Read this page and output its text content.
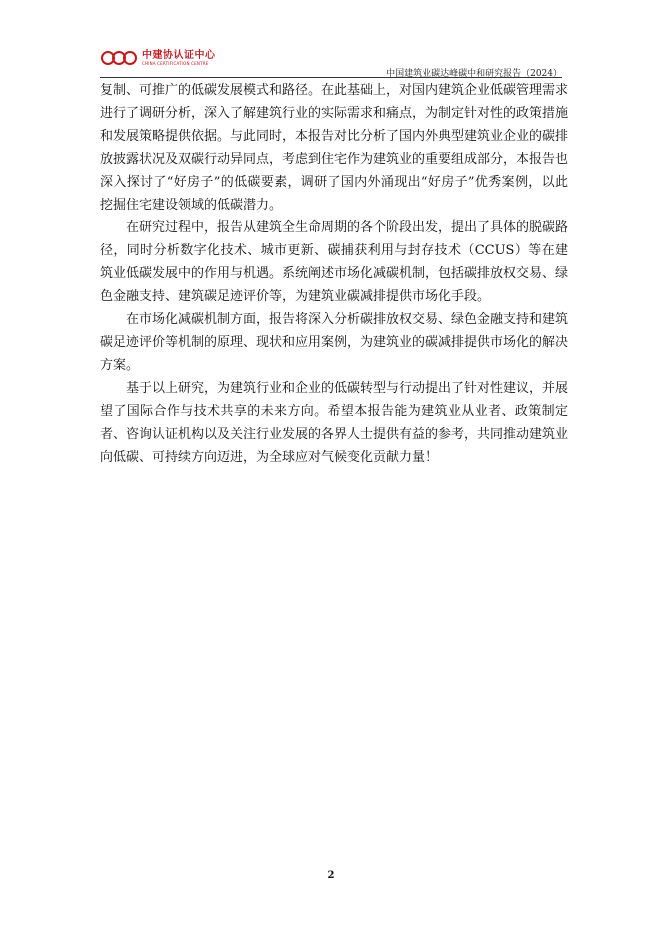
中建协认证中心
CHINA CERTIFICATION CENTRE
中国建筑业碳达峰碳中和研究报告（2024）

复制、可推广的低碳发展模式和路径。在此基础上，对国内建筑企业低碳管理需求进行了调研分析，深入了解建筑行业的实际需求和痛点，为制定针对性的政策措施和发展策略提供依据。与此同时，本报告对比分析了国内外典型建筑业企业的碳排放披露状况及双碳行动异同点，考虑到住宅作为建筑业的重要组成部分，本报告也深入探讨了“好房子”的低碳要素，调研了国内外涌现出“好房子”优秀案例，以此挖掘住宅建设领域的低碳潜力。

在研究过程中，报告从建筑全生命周期的各个阶段出发，提出了具体的脱碳路径，同时分析数字化技术、城市更新、碳捕获利用与封存技术（CCUS）等在建筑业低碳发展中的作用与机遇。系统阐述市场化减碳机制，包括碳排放权交易、绿色金融支持、建筑碳足迹评价等，为建筑业碳减排提供市场化手段。

在市场化减碳机制方面，报告将深入分析碳排放权交易、绿色金融支持和建筑碳足迹评价等机制的原理、现状和应用案例，为建筑业的碳减排提供市场化的解决方案。

基于以上研究，为建筑行业和企业的低碳转型与行动提出了针对性建议，并展望了国际合作与技术共享的未来方向。希望本报告能为建筑业从业者、政策制定者、咨询认证机构以及关注行业发展的各界人士提供有益的参考，共同推动建筑业向低碳、可持续方向迈进，为全球应对气候变化贡献力量！

2
